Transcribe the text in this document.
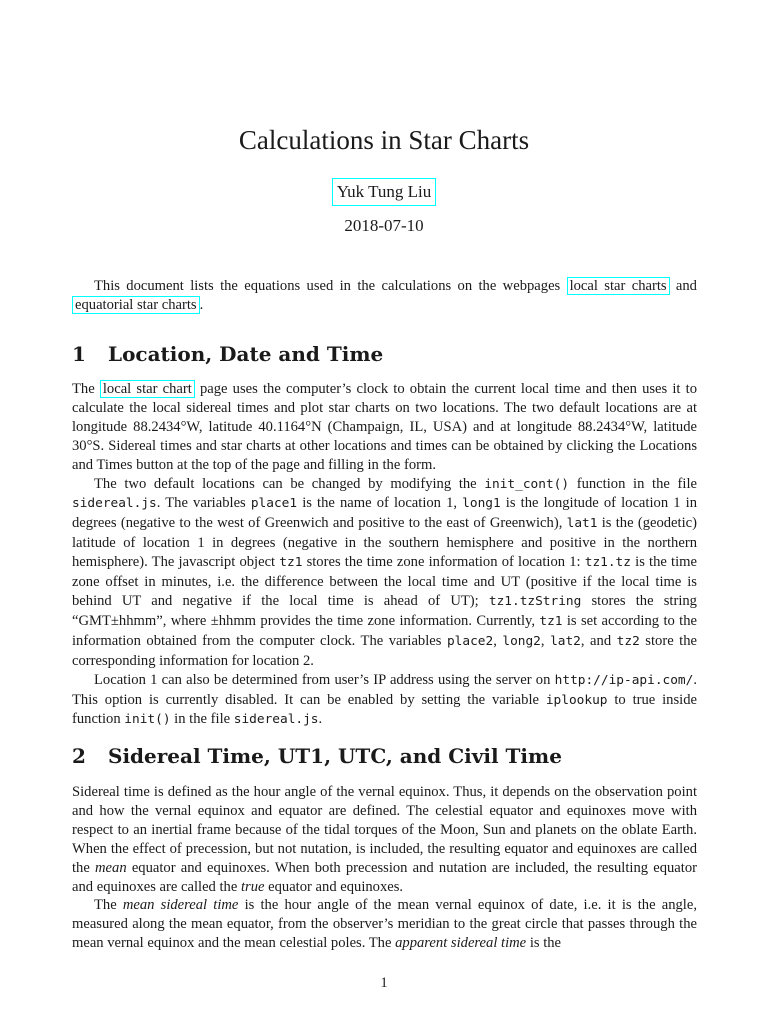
Calculations in Star Charts
Yuk Tung Liu
2018-07-10

This document lists the equations used in the calculations on the webpages local star charts and equatorial star charts .

1 Location, Date and Time

The local star chart page uses the computer’s clock to obtain the current local time and then uses it to calculate the local sidereal times and plot star charts on two locations. The two default locations are at longitude 88.2434°W, latitude 40.1164°N (Champaign, IL, USA) and at longitude 88.2434°W, latitude 30°S. Sidereal times and star charts at other locations and times can be obtained by clicking the Locations and Times button at the top of the page and filling in the form.

The two default locations can be changed by modifying the init_cont() function in the file sidereal.js. The variables place1 is the name of location 1, long1 is the longitude of location 1 in degrees (negative to the west of Greenwich and positive to the east of Greenwich), lat1 is the (geodetic) latitude of location 1 in degrees (negative in the southern hemisphere and positive in the northern hemisphere). The javascript object tz1 stores the time zone information of location 1: tz1.tz is the time zone offset in minutes, i.e. the difference between the local time and UT (positive if the local time is behind UT and negative if the local time is ahead of UT); tz1.tzString stores the string “GMT±hhmm”, where ±hhmm provides the time zone information. Currently, tz1 is set according to the information obtained from the computer clock. The variables place2, long2, lat2, and tz2 store the corresponding information for location 2.

Location 1 can also be determined from user’s IP address using the server on http://ip-api.com/. This option is currently disabled. It can be enabled by setting the variable iplookup to true inside function init() in the file sidereal.js.

2 Sidereal Time, UT1, UTC, and Civil Time

Sidereal time is defined as the hour angle of the vernal equinox. Thus, it depends on the observation point and how the vernal equinox and equator are defined. The celestial equator and equinoxes move with respect to an inertial frame because of the tidal torques of the Moon, Sun and planets on the oblate Earth. When the effect of precession, but not nutation, is included, the resulting equator and equinoxes are called the mean equator and equinoxes. When both precession and nutation are included, the resulting equator and equinoxes are called the true equator and equinoxes.

The mean sidereal time is the hour angle of the mean vernal equinox of date, i.e. it is the angle, measured along the mean equator, from the observer’s meridian to the great circle that passes through the mean vernal equinox and the mean celestial poles. The apparent sidereal time is the

1
